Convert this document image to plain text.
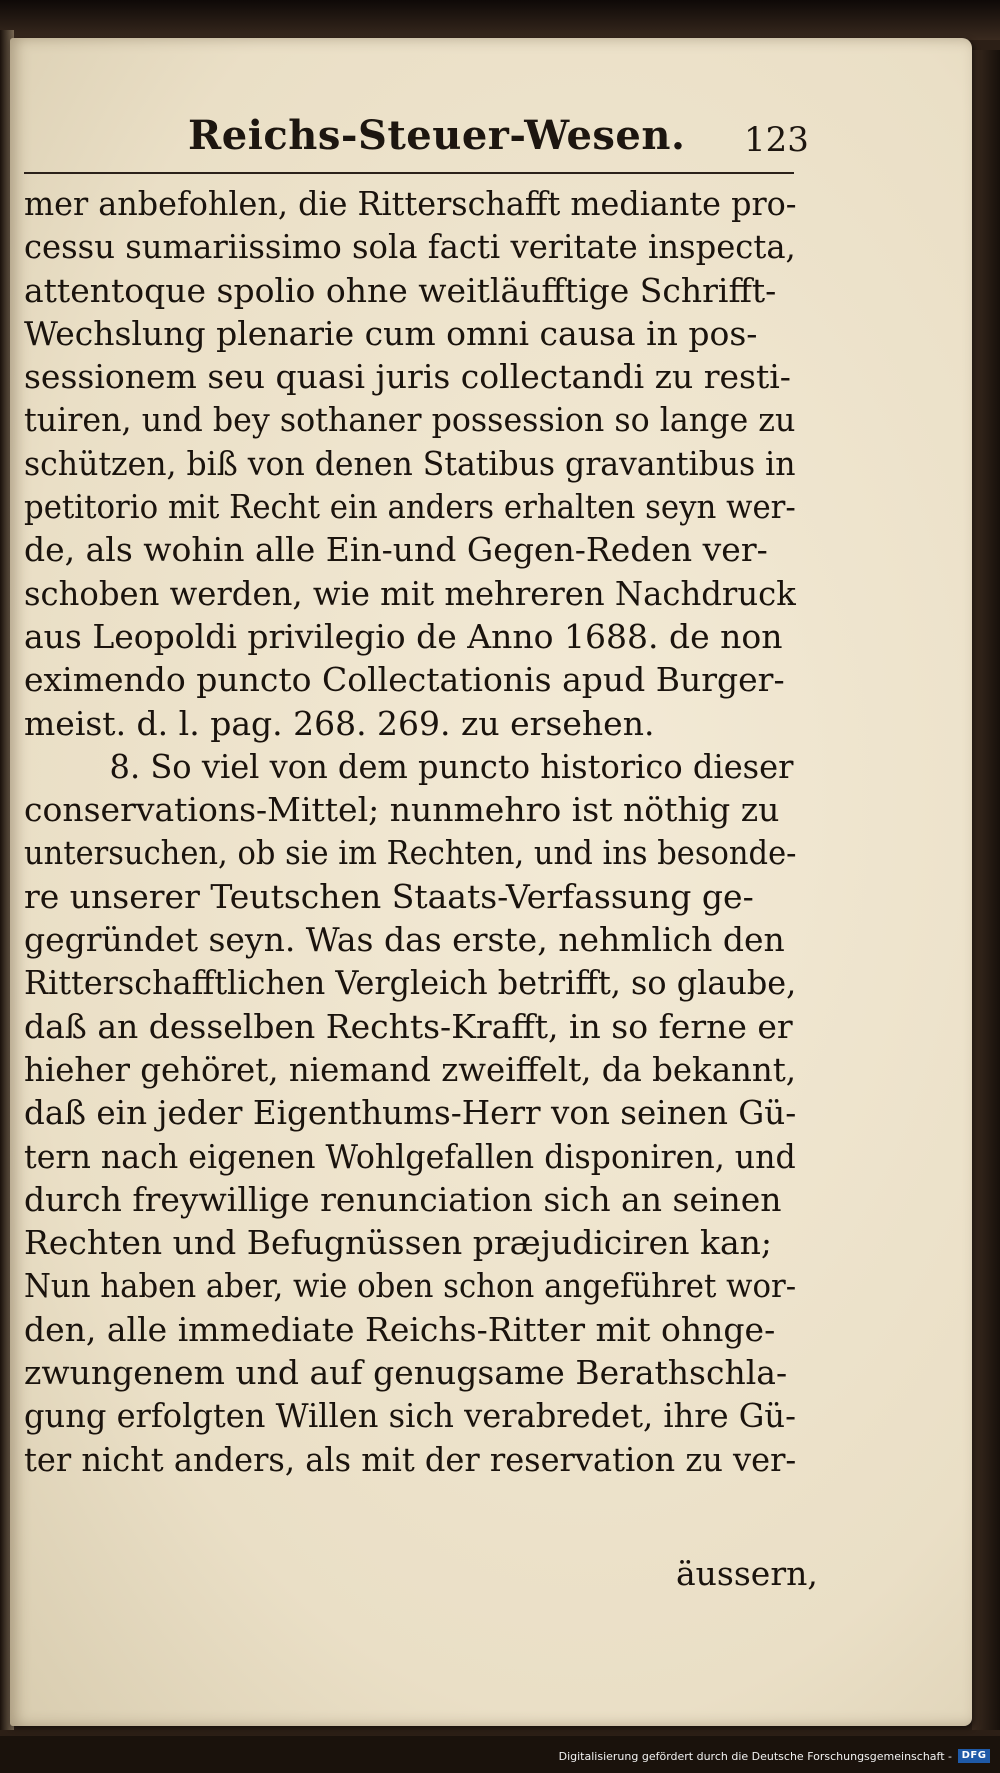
Reichs-Steuer-Wesen. 123
mer anbefohlen, die Ritterschafft mediante pro-
cessu sumariissimo sola facti veritate inspecta,
attentoque spolio ohne weitläufftige Schrifft-
Wechslung plenarie cum omni causa in pos-
sessionem seu quasi juris collectandi zu resti-
tuiren, und bey sothaner possession so lange zu
schützen, biß von denen Statibus gravantibus in
petitorio mit Recht ein anders erhalten seyn wer-
de, als wohin alle Ein-und Gegen-Reden ver-
schoben werden, wie mit mehreren Nachdruck
aus Leopoldi privilegio de Anno 1688. de non
eximendo puncto Collectationis apud Burger-
meist. d. l. pag. 268. 269. zu ersehen.
8. So viel von dem puncto historico dieser
conservations-Mittel; nunmehro ist nöthig zu
untersuchen, ob sie im Rechten, und ins besonde-
re unserer Teutschen Staats-Verfassung ge-
gegründet seyn. Was das erste, nehmlich den
Ritterschafftlichen Vergleich betrifft, so glaube,
daß an desselben Rechts-Krafft, in so ferne er
hieher gehöret, niemand zweiffelt, da bekannt,
daß ein jeder Eigenthums-Herr von seinen Gü-
tern nach eigenen Wohlgefallen disponiren, und
durch freywillige renunciation sich an seinen
Rechten und Befugnüssen præjudiciren kan;
Nun haben aber, wie oben schon angeführet wor-
den, alle immediate Reichs-Ritter mit ohnge-
zwungenem und auf genugsame Berathschla-
gung erfolgten Willen sich verabredet, ihre Gü-
ter nicht anders, als mit der reservation zu ver-
äussern,
Digitalisierung gefördert durch die Deutsche Forschungsgemeinschaft - DFG
